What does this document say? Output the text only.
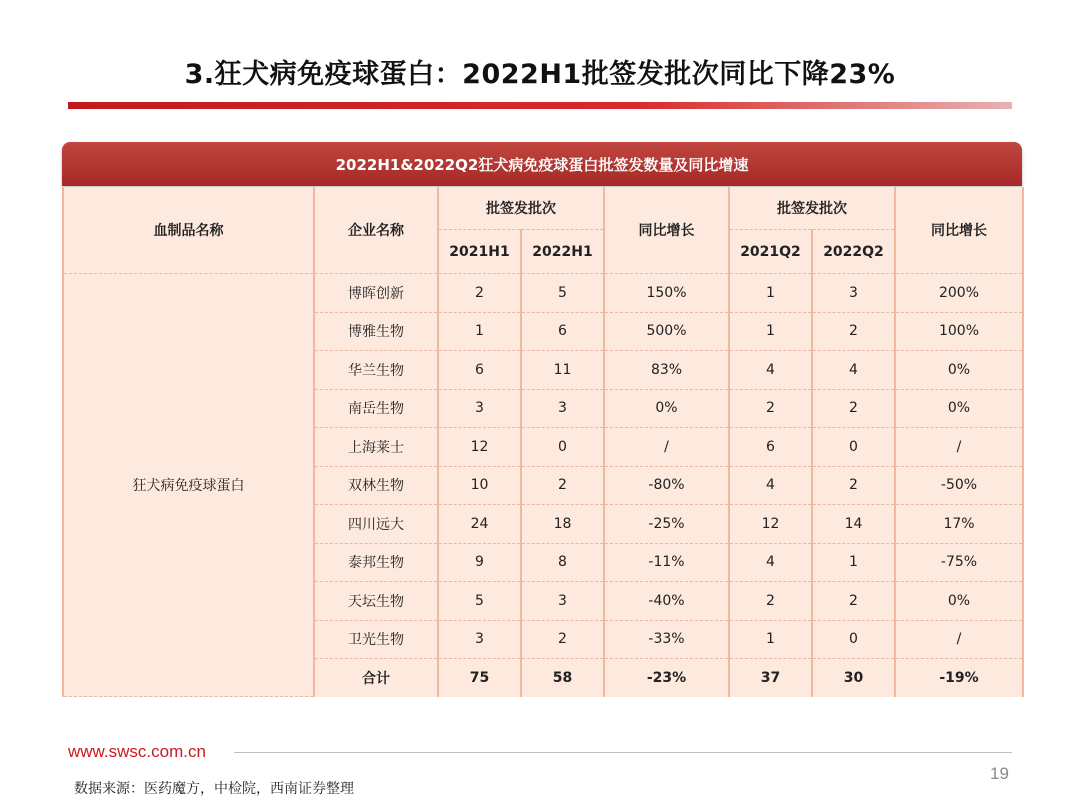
3.狂犬病免疫球蛋白：2022H1批签发批次同比下降23%
2022H1&2022Q2狂犬病免疫球蛋白批签发数量及同比增速
血制品名称	企业名称	批签发批次		同比增长	批签发批次		同比增长
		2021H1	2022H1		2021Q2	2022Q2	
狂犬病免疫球蛋白	博晖创新	2	5	150%	1	3	200%
	博雅生物	1	6	500%	1	2	100%
	华兰生物	6	11	83%	4	4	0%
	南岳生物	3	3	0%	2	2	0%
	上海莱士	12	0	/	6	0	/
	双林生物	10	2	-80%	4	2	-50%
	四川远大	24	18	-25%	12	14	17%
	泰邦生物	9	8	-11%	4	1	-75%
	天坛生物	5	3	-40%	2	2	0%
	卫光生物	3	2	-33%	1	0	/
	合计	75	58	-23%	37	30	-19%
www.swsc.com.cn
19
数据来源：医药魔方，中检院，西南证券整理
